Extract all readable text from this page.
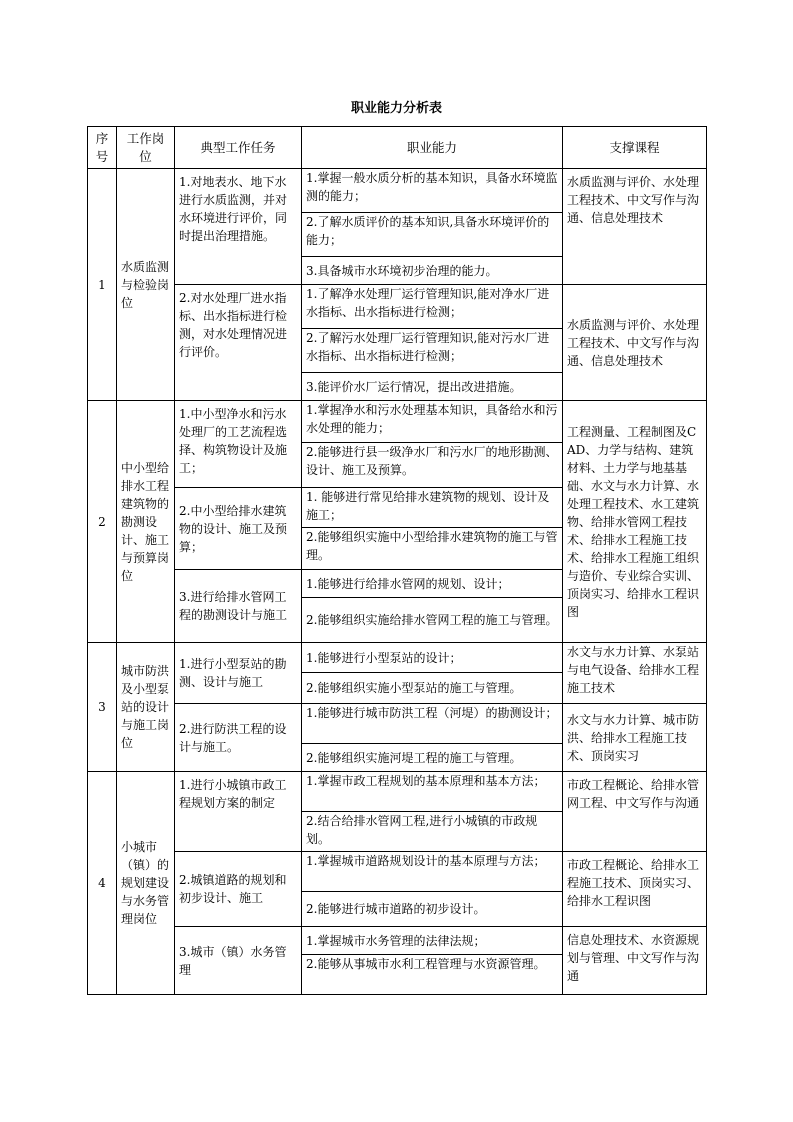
职业能力分析表
序号	工作岗位	典型工作任务	职业能力	支撑课程
1	水质监测与检验岗位	1.对地表水、地下水进行水质监测，并对水环境进行评价，同时提出治理措施。	1.掌握一般水质分析的基本知识，具备水环境监测的能力；	水质监测与评价、水处理工程技术、中文写作与沟通、信息处理技术
			2.了解水质评价的基本知识,具备水环境评价的能力；	
			3.具备城市水环境初步治理的能力。	
		2.对水处理厂进水指标、出水指标进行检测，对水处理情况进行评价。	1.了解净水处理厂运行管理知识,能对净水厂进水指标、出水指标进行检测；	水质监测与评价、水处理工程技术、中文写作与沟通、信息处理技术
			2.了解污水处理厂运行管理知识,能对污水厂进水指标、出水指标进行检测；	
			3.能评价水厂运行情况，提出改进措施。	
2	中小型给排水工程建筑物的勘测设计、施工与预算岗位	1.中小型净水和污水处理厂的工艺流程选择、构筑物设计及施工；	1.掌握净水和污水处理基本知识，具备给水和污水处理的能力；	工程测量、工程制图及CAD、力学与结构、建筑材料、土力学与地基基础、水文与水力计算、水处理工程技术、水工建筑物、给排水管网工程技术、给排水工程施工技术、给排水工程施工组织与造价、专业综合实训、顶岗实习、给排水工程识图
			2.能够进行县一级净水厂和污水厂的地形勘测、设计、施工及预算。	
		2.中小型给排水建筑物的设计、施工及预算；	1. 能够进行常见给排水建筑物的规划、设计及施工；	
			2.能够组织实施中小型给排水建筑物的施工与管理。	
		3.进行给排水管网工程的勘测设计与施工	1.能够进行给排水管网的规划、设计；	
			2.能够组织实施给排水管网工程的施工与管理。	
3	城市防洪及小型泵站的设计与施工岗位	1.进行小型泵站的勘测、设计与施工	1.能够进行小型泵站的设计；	水文与水力计算、水泵站与电气设备、给排水工程施工技术
			2.能够组织实施小型泵站的施工与管理。	
		2.进行防洪工程的设计与施工。	1.能够进行城市防洪工程（河堤）的勘测设计；	水文与水力计算、城市防洪、给排水工程施工技术、顶岗实习
			2.能够组织实施河堤工程的施工与管理。	
4	小城市（镇）的规划建设与水务管理岗位	1.进行小城镇市政工程规划方案的制定	1.掌握市政工程规划的基本原理和基本方法；	市政工程概论、给排水管网工程、中文写作与沟通
			2.结合给排水管网工程,进行小城镇的市政规划。	
		2.城镇道路的规划和初步设计、施工	1.掌握城市道路规划设计的基本原理与方法；	市政工程概论、给排水工程施工技术、顶岗实习、给排水工程识图
			2.能够进行城市道路的初步设计。	
		3.城市（镇）水务管理	1.掌握城市水务管理的法律法规；	信息处理技术、水资源规划与管理、中文写作与沟通
			2.能够从事城市水利工程管理与水资源管理。	
